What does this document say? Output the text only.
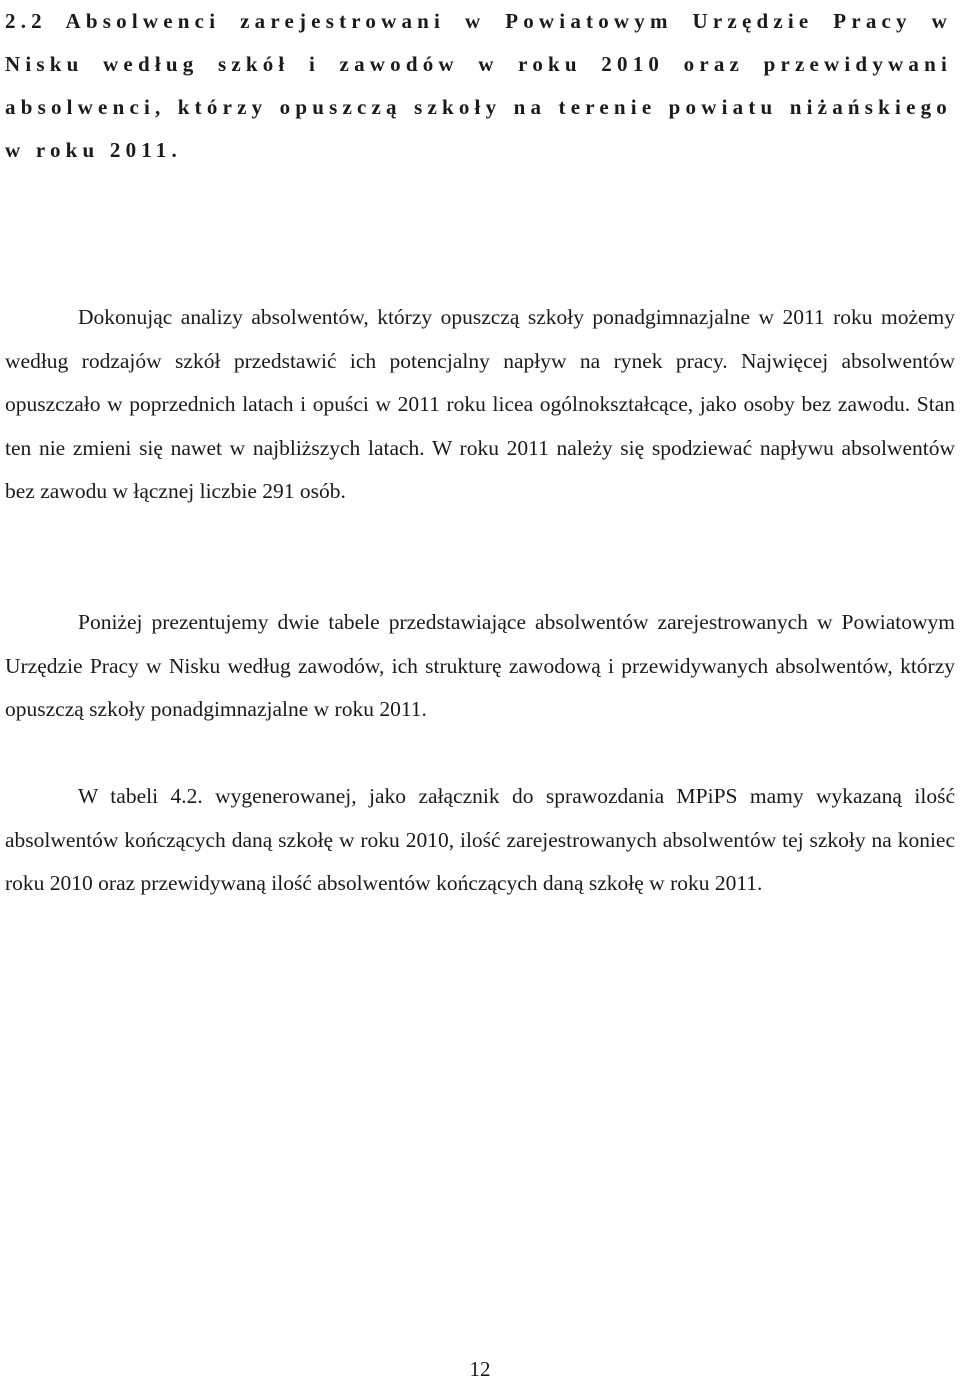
2.2 Absolwenci zarejestrowani w Powiatowym Urzędzie Pracy w Nisku według szkół i zawodów w roku 2010 oraz przewidywani absolwenci, którzy opuszczą szkoły na terenie powiatu niżańskiego w roku 2011.

Dokonując analizy absolwentów, którzy opuszczą szkoły ponadgimnazjalne w 2011 roku możemy według rodzajów szkół przedstawić ich potencjalny napływ na rynek pracy. Najwięcej absolwentów opuszczało w poprzednich latach i opuści w 2011 roku licea ogólnokształcące, jako osoby bez zawodu. Stan ten nie zmieni się nawet w najbliższych latach. W roku 2011 należy się spodziewać napływu absolwentów bez zawodu w łącznej liczbie 291 osób.

Poniżej prezentujemy dwie tabele przedstawiające absolwentów zarejestrowanych w Powiatowym Urzędzie Pracy w Nisku według zawodów, ich strukturę zawodową i przewidywanych absolwentów, którzy opuszczą szkoły ponadgimnazjalne w roku 2011.

W tabeli 4.2. wygenerowanej, jako załącznik do sprawozdania MPiPS mamy wykazaną ilość absolwentów kończących daną szkołę w roku 2010, ilość zarejestrowanych absolwentów tej szkoły na koniec roku 2010 oraz przewidywaną ilość absolwentów kończących daną szkołę w roku 2011.

12
